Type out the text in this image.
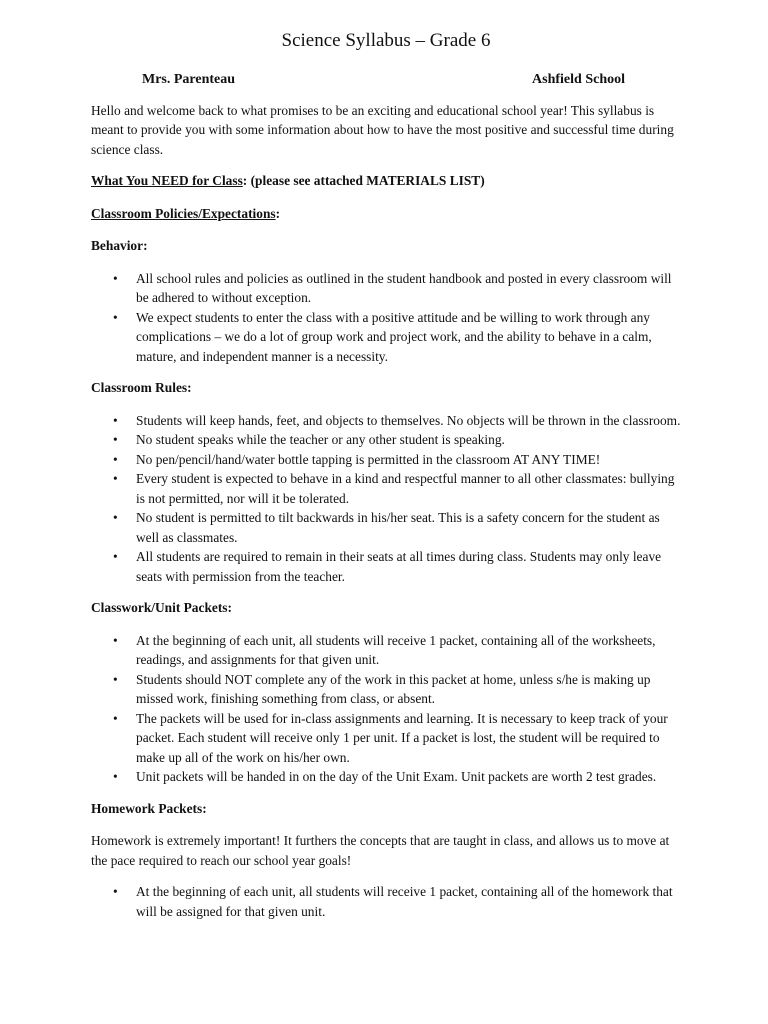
Science Syllabus – Grade 6
Mrs. Parenteau	Ashfield School

Hello and welcome back to what promises to be an exciting and educational school year! This syllabus is meant to provide you with some information about how to have the most positive and successful time during science class.

What You NEED for Class: (please see attached MATERIALS LIST)

Classroom Policies/Expectations:

Behavior:

• All school rules and policies as outlined in the student handbook and posted in every classroom will be adhered to without exception.
• We expect students to enter the class with a positive attitude and be willing to work through any complications – we do a lot of group work and project work, and the ability to behave in a calm, mature, and independent manner is a necessity.

Classroom Rules:

• Students will keep hands, feet, and objects to themselves. No objects will be thrown in the classroom.
• No student speaks while the teacher or any other student is speaking.
• No pen/pencil/hand/water bottle tapping is permitted in the classroom AT ANY TIME!
• Every student is expected to behave in a kind and respectful manner to all other classmates: bullying is not permitted, nor will it be tolerated.
• No student is permitted to tilt backwards in his/her seat. This is a safety concern for the student as well as classmates.
• All students are required to remain in their seats at all times during class. Students may only leave seats with permission from the teacher.

Classwork/Unit Packets:

• At the beginning of each unit, all students will receive 1 packet, containing all of the worksheets, readings, and assignments for that given unit.
• Students should NOT complete any of the work in this packet at home, unless s/he is making up missed work, finishing something from class, or absent.
• The packets will be used for in-class assignments and learning. It is necessary to keep track of your packet. Each student will receive only 1 per unit. If a packet is lost, the student will be required to make up all of the work on his/her own.
• Unit packets will be handed in on the day of the Unit Exam. Unit packets are worth 2 test grades.

Homework Packets:

Homework is extremely important! It furthers the concepts that are taught in class, and allows us to move at the pace required to reach our school year goals!

• At the beginning of each unit, all students will receive 1 packet, containing all of the homework that will be assigned for that given unit.
